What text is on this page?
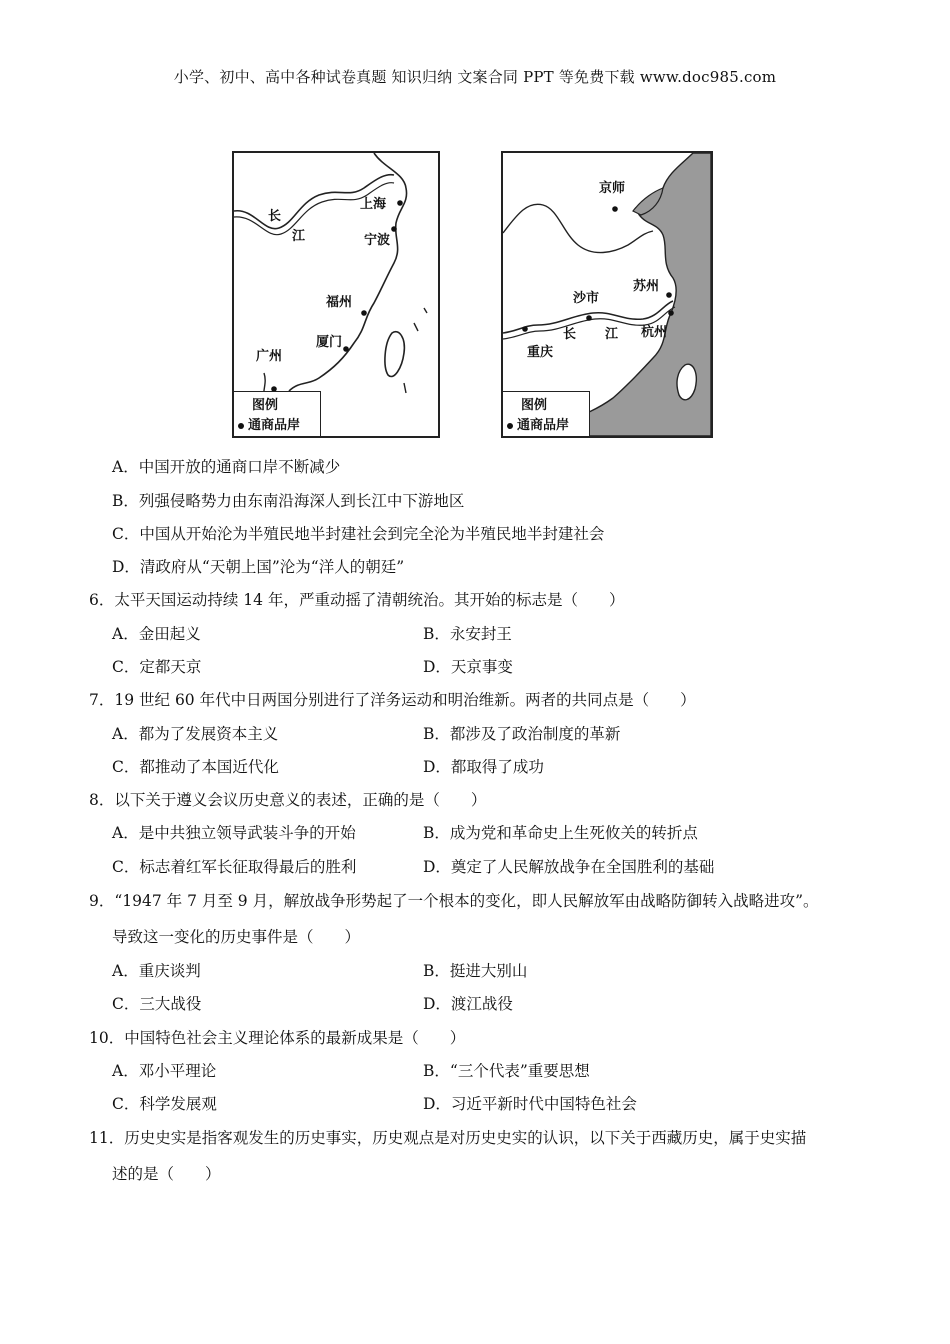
小学、初中、高中各种试卷真题 知识归纳 文案合同 PPT 等免费下载 www.doc985.com
长
江
上海
宁波
福州
厦门
广州
图例
通商品岸
京师
苏州
沙市
长 江 杭州
重庆
图例
通商品岸
A．中国开放的通商口岸不断减少
B．列强侵略势力由东南沿海深人到长江中下游地区
C．中国从开始沦为半殖民地半封建社会到完全沦为半殖民地半封建社会
D．清政府从“天朝上国”沦为“洋人的朝廷”
6．太平天国运动持续 14 年，严重动摇了清朝统治。其开始的标志是（　　）
A．金田起义	B．永安封王
C．定都天京	D．天京事变
7．19 世纪 60 年代中日两国分别进行了洋务运动和明治维新。两者的共同点是（　　）
A．都为了发展资本主义	B．都涉及了政治制度的革新
C．都推动了本国近代化	D．都取得了成功
8．以下关于遵义会议历史意义的表述，正确的是（　　）
A．是中共独立领导武装斗争的开始	B．成为党和革命史上生死攸关的转折点
C．标志着红军长征取得最后的胜利	D．奠定了人民解放战争在全国胜利的基础
9．“1947 年 7 月至 9 月，解放战争形势起了一个根本的变化，即人民解放军由战略防御转入战略进攻”。
导致这一变化的历史事件是（　　）
A．重庆谈判	B．挺进大别山
C．三大战役	D．渡江战役
10．中国特色社会主义理论体系的最新成果是（　　）
A．邓小平理论	B．“三个代表”重要思想
C．科学发展观	D．习近平新时代中国特色社会
11．历史史实是指客观发生的历史事实，历史观点是对历史史实的认识，以下关于西藏历史，属于史实描
述的是（　　）
